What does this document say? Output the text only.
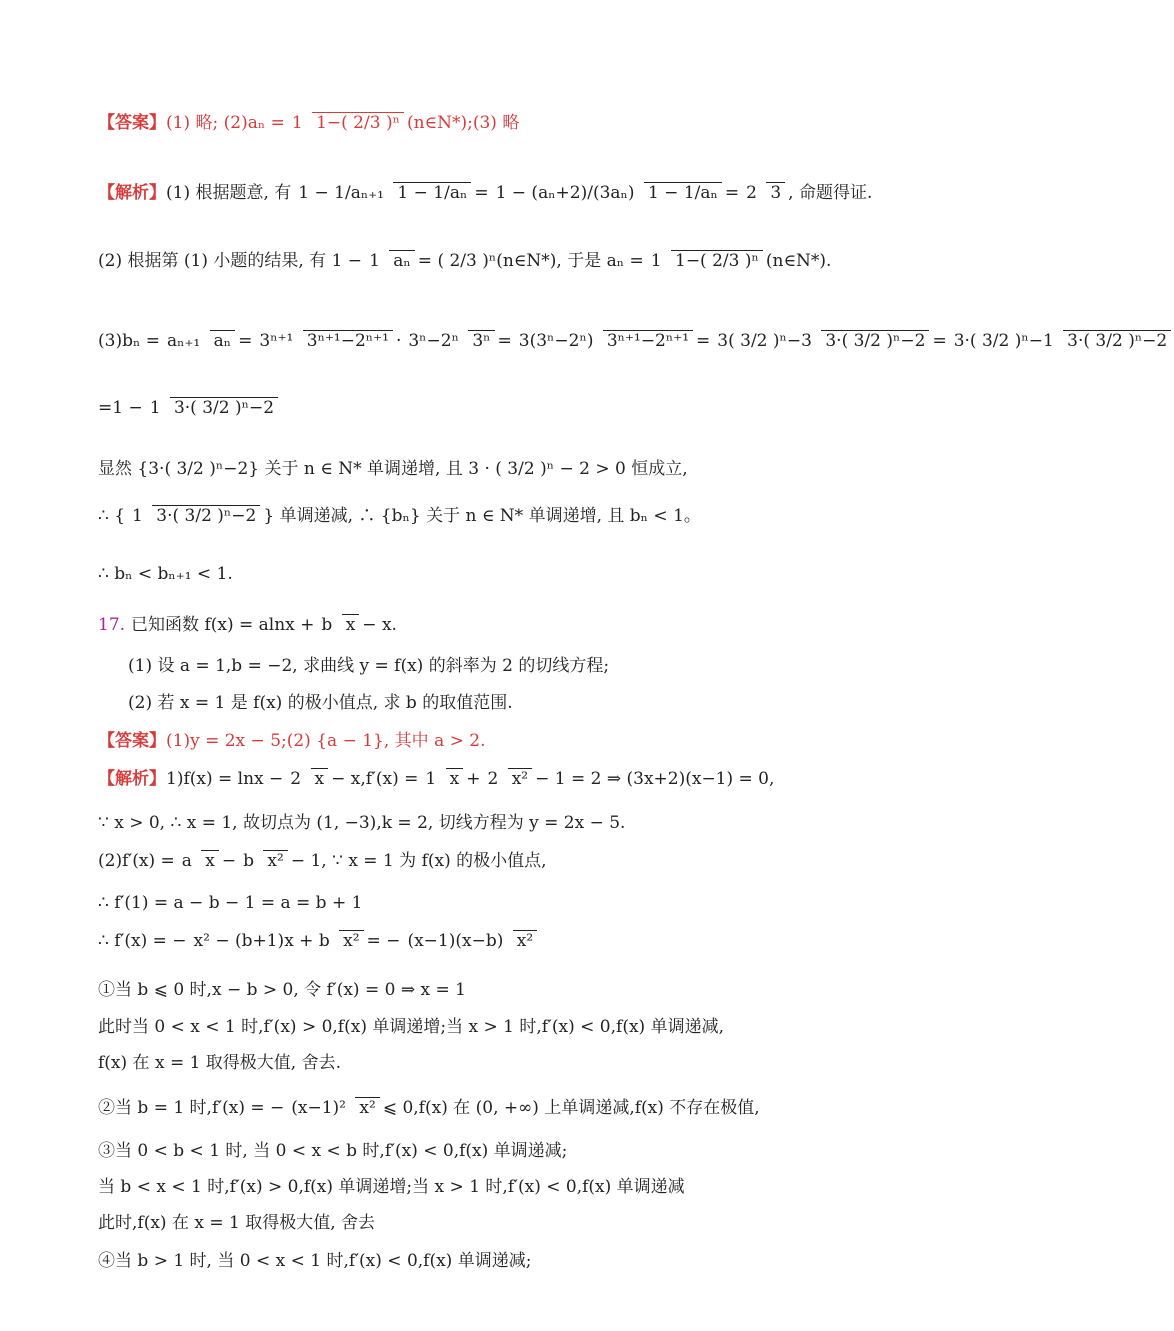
【答案】 (1) 略; (2)aₙ = 1 1−( 2/3 )ⁿ (n∈N*);(3) 略
【解析】 (1) 根据题意, 有 1 − 1/aₙ₊₁ 1 − 1/aₙ = 1 − (aₙ+2)/(3aₙ) 1 − 1/aₙ = 2 3 , 命题得证.
(2) 根据第 (1) 小题的结果, 有 1 − 1 aₙ = ( 2/3 )ⁿ(n∈N*), 于是 aₙ = 1 1−( 2/3 )ⁿ (n∈N*).
(3)bₙ = aₙ₊₁ aₙ = 3ⁿ⁺¹ 3ⁿ⁺¹−2ⁿ⁺¹ · 3ⁿ−2ⁿ 3ⁿ = 3(3ⁿ−2ⁿ) 3ⁿ⁺¹−2ⁿ⁺¹ = 3( 3/2 )ⁿ−3 3·( 3/2 )ⁿ−2 = 3·( 3/2 )ⁿ−1 3·( 3/2 )ⁿ−2
=1 − 1 3·( 3/2 )ⁿ−2
显然 {3·( 3/2 )ⁿ−2} 关于 n ∈ N* 单调递增, 且 3 · ( 3/2 )ⁿ − 2 > 0 恒成立,
∴ { 1 3·( 3/2 )ⁿ−2 } 单调递减, ∴ {bₙ} 关于 n ∈ N* 单调递增, 且 bₙ < 1。
∴ bₙ < bₙ₊₁ < 1.
17. 已知函数 f(x) = alnx + b x − x.
(1) 设 a = 1,b = −2, 求曲线 y = f(x) 的斜率为 2 的切线方程;
(2) 若 x = 1 是 f(x) 的极小值点, 求 b 的取值范围.
【答案】 (1)y = 2x − 5;(2) {a − 1}, 其中 a > 2.
【解析】 1)f(x) = lnx − 2 x − x,f′(x) = 1 x + 2 x² − 1 = 2 ⇒ (3x+2)(x−1) = 0,
∵ x > 0, ∴ x = 1, 故切点为 (1, −3),k = 2, 切线方程为 y = 2x − 5.
(2)f′(x) = a x − b x² − 1, ∵ x = 1 为 f(x) 的极小值点,
∴ f′(1) = a − b − 1 = a = b + 1
∴ f′(x) = − x² − (b+1)x + b x² = − (x−1)(x−b) x²
①当 b ⩽ 0 时,x − b > 0, 令 f′(x) = 0 ⇒ x = 1
此时当 0 < x < 1 时,f′(x) > 0,f(x) 单调递增;当 x > 1 时,f′(x) < 0,f(x) 单调递减,
f(x) 在 x = 1 取得极大值, 舍去.
②当 b = 1 时,f′(x) = − (x−1)² x² ⩽ 0,f(x) 在 (0, +∞) 上单调递减,f(x) 不存在极值,
③当 0 < b < 1 时, 当 0 < x < b 时,f′(x) < 0,f(x) 单调递减;
当 b < x < 1 时,f′(x) > 0,f(x) 单调递增;当 x > 1 时,f′(x) < 0,f(x) 单调递减
此时,f(x) 在 x = 1 取得极大值, 舍去
④当 b > 1 时, 当 0 < x < 1 时,f′(x) < 0,f(x) 单调递减;
